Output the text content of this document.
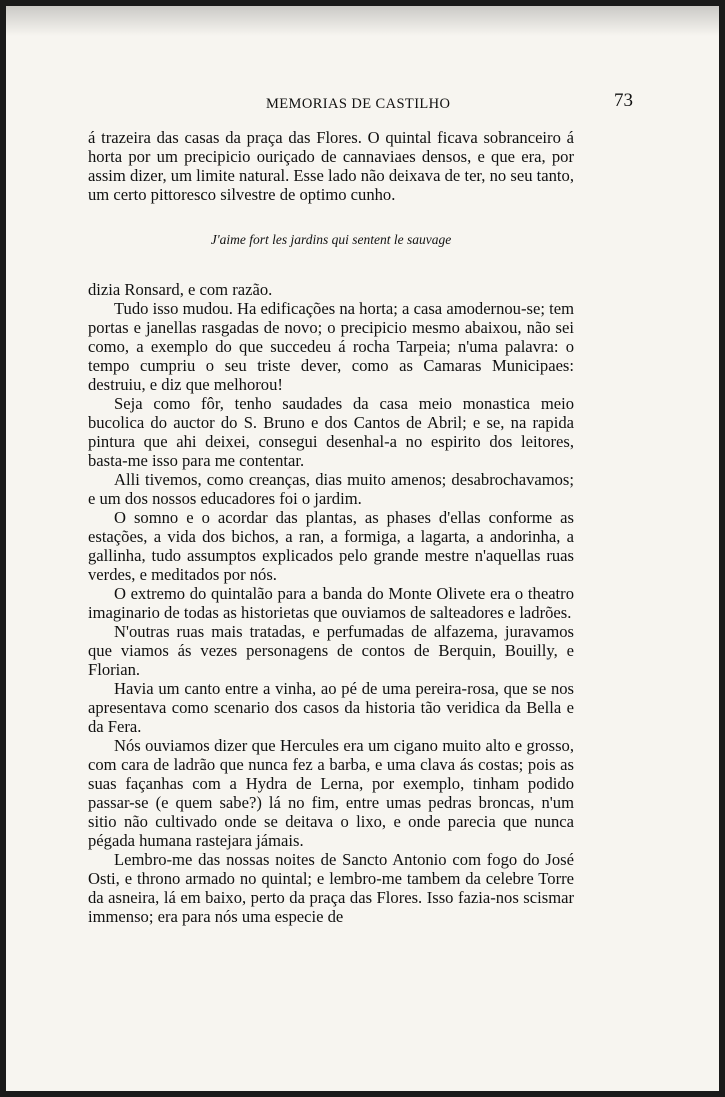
MEMORIAS DE CASTILHO	73

á trazeira das casas da praça das Flores. O quintal ficava sobranceiro á horta por um precipicio ouriçado de cannaviaes densos, e que era, por assim dizer, um limite natural. Esse lado não deixava de ter, no seu tanto, um certo pittoresco silvestre de optimo cunho.

J'aime fort les jardins qui sentent le sauvage

dizia Ronsard, e com razão.

Tudo isso mudou. Ha edificações na horta; a casa amodernou-se; tem portas e janellas rasgadas de novo; o precipicio mesmo abaixou, não sei como, a exemplo do que succedeu á rocha Tarpeia; n'uma palavra: o tempo cumpriu o seu triste dever, como as Camaras Municipaes: destruiu, e diz que melhorou!

Seja como fôr, tenho saudades da casa meio monastica meio bucolica do auctor do S. Bruno e dos Cantos de Abril; e se, na rapida pintura que ahi deixei, consegui desenhal-a no espirito dos leitores, basta-me isso para me contentar.

Alli tivemos, como creanças, dias muito amenos; desabrochavamos; e um dos nossos educadores foi o jardim.

O somno e o acordar das plantas, as phases d'ellas conforme as estações, a vida dos bichos, a ran, a formiga, a lagarta, a andorinha, a gallinha, tudo assumptos explicados pelo grande mestre n'aquellas ruas verdes, e meditados por nós.

O extremo do quintalão para a banda do Monte Olivete era o theatro imaginario de todas as historietas que ouviamos de salteadores e ladrões.

N'outras ruas mais tratadas, e perfumadas de alfazema, juravamos que viamos ás vezes personagens de contos de Berquin, Bouilly, e Florian.

Havia um canto entre a vinha, ao pé de uma pereira-rosa, que se nos apresentava como scenario dos casos da historia tão veridica da Bella e da Fera.

Nós ouviamos dizer que Hercules era um cigano muito alto e grosso, com cara de ladrão que nunca fez a barba, e uma clava ás costas; pois as suas façanhas com a Hydra de Lerna, por exemplo, tinham podido passar-se (e quem sabe?) lá no fim, entre umas pedras broncas, n'um sitio não cultivado onde se deitava o lixo, e onde parecia que nunca pégada humana rastejara jámais.

Lembro-me das nossas noites de Sancto Antonio com fogo do José Osti, e throno armado no quintal; e lembro-me tambem da celebre Torre da asneira, lá em baixo, perto da praça das Flores. Isso fazia-nos scismar immenso; era para nós uma especie de
